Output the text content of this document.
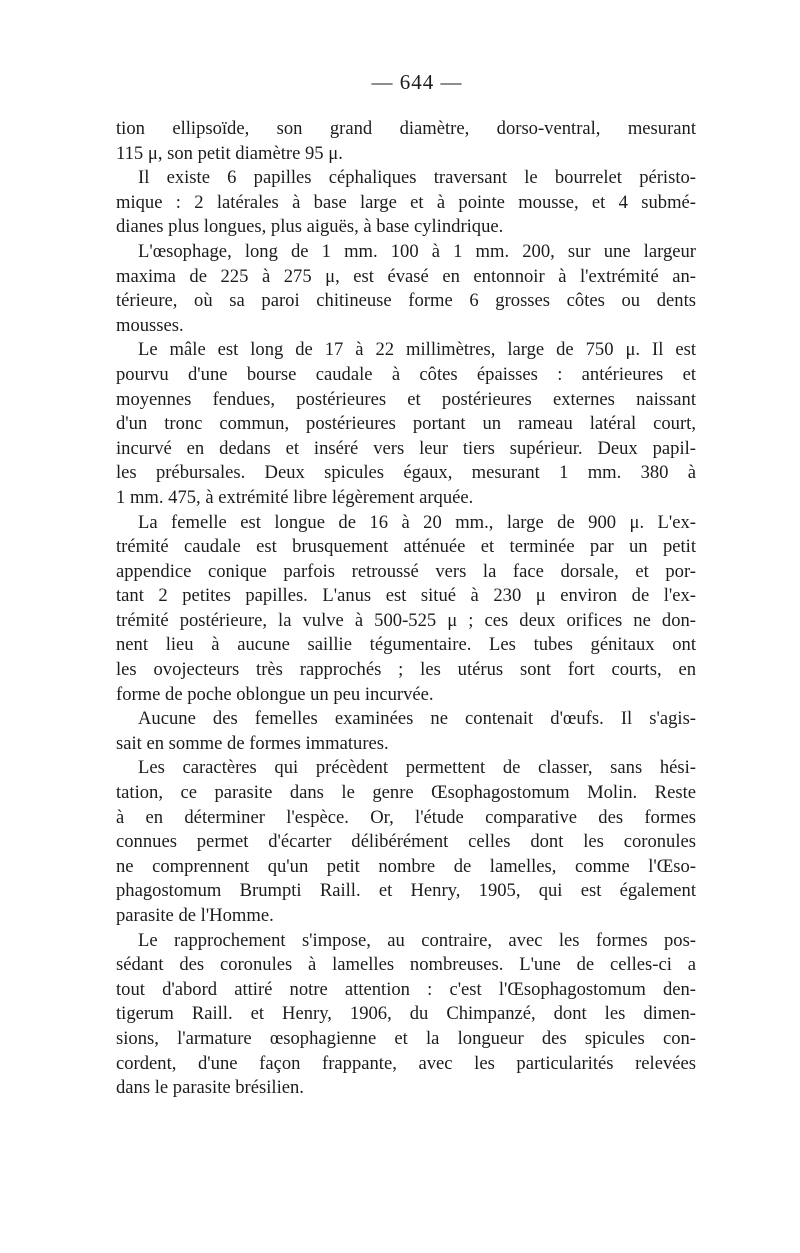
— 644 —

tion ellipsoïde, son grand diamètre, dorso-ventral, mesurant
115 μ, son petit diamètre 95 μ.

Il existe 6 papilles céphaliques traversant le bourrelet péristo-
mique : 2 latérales à base large et à pointe mousse, et 4 submé-
dianes plus longues, plus aiguës, à base cylindrique.

L'œsophage, long de 1 mm. 100 à 1 mm. 200, sur une largeur
maxima de 225 à 275 μ, est évasé en entonnoir à l'extrémité an-
térieure, où sa paroi chitineuse forme 6 grosses côtes ou dents
mousses.

Le mâle est long de 17 à 22 millimètres, large de 750 μ. Il est
pourvu d'une bourse caudale à côtes épaisses : antérieures et
moyennes fendues, postérieures et postérieures externes naissant
d'un tronc commun, postérieures portant un rameau latéral court,
incurvé en dedans et inséré vers leur tiers supérieur. Deux papil-
les prébursales. Deux spicules égaux, mesurant 1 mm. 380 à
1 mm. 475, à extrémité libre légèrement arquée.

La femelle est longue de 16 à 20 mm., large de 900 μ. L'ex-
trémité caudale est brusquement atténuée et terminée par un petit
appendice conique parfois retroussé vers la face dorsale, et por-
tant 2 petites papilles. L'anus est situé à 230 μ environ de l'ex-
trémité postérieure, la vulve à 500-525 μ ; ces deux orifices ne don-
nent lieu à aucune saillie tégumentaire. Les tubes génitaux ont
les ovojecteurs très rapprochés ; les utérus sont fort courts, en
forme de poche oblongue un peu incurvée.

Aucune des femelles examinées ne contenait d'œufs. Il s'agis-
sait en somme de formes immatures.

Les caractères qui précèdent permettent de classer, sans hési-
tation, ce parasite dans le genre Œsophagostomum Molin. Reste
à en déterminer l'espèce. Or, l'étude comparative des formes
connues permet d'écarter délibérément celles dont les coronules
ne comprennent qu'un petit nombre de lamelles, comme l'Œso-
phagostomum Brumpti Raill. et Henry, 1905, qui est également
parasite de l'Homme.

Le rapprochement s'impose, au contraire, avec les formes pos-
sédant des coronules à lamelles nombreuses. L'une de celles-ci a
tout d'abord attiré notre attention : c'est l'Œsophagostomum den-
tigerum Raill. et Henry, 1906, du Chimpanzé, dont les dimen-
sions, l'armature œsophagienne et la longueur des spicules con-
cordent, d'une façon frappante, avec les particularités relevées
dans le parasite brésilien.
